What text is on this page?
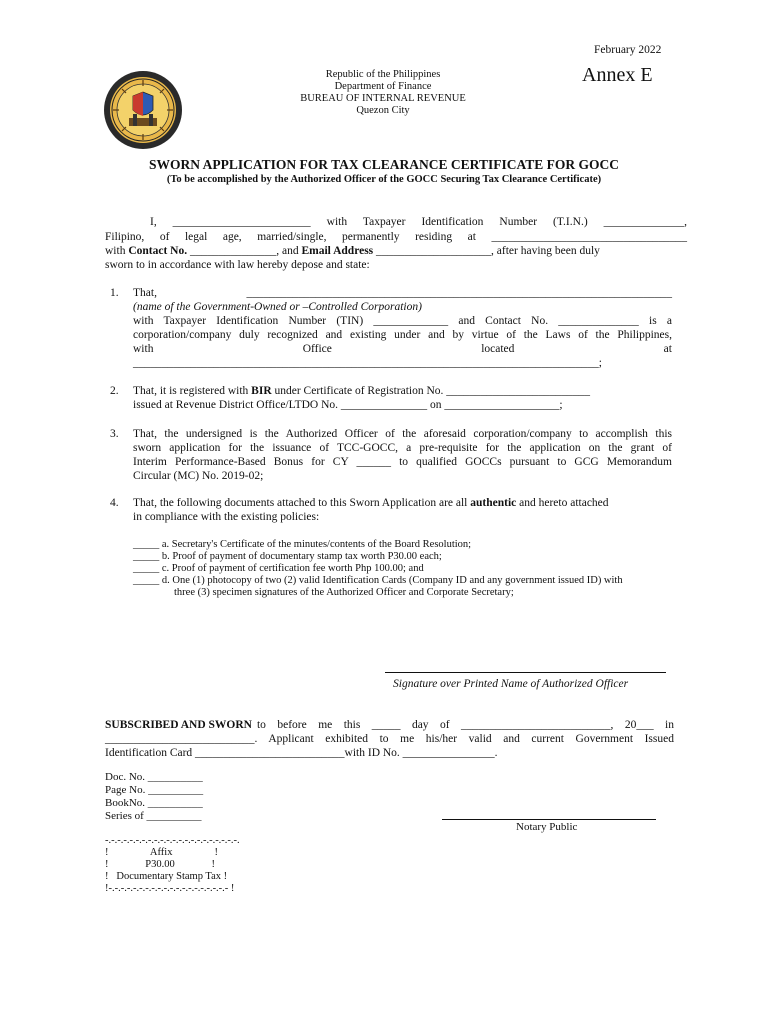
February 2022
Annex E
Republic of the Philippines
Department of Finance
BUREAU OF INTERNAL REVENUE
Quezon City
SWORN APPLICATION FOR TAX CLEARANCE CERTIFICATE FOR GOCC
(To be accomplished by the Authorized Officer of the GOCC Securing Tax Clearance Certificate)
I, ________________________ with Taxpayer Identification Number (T.I.N.) ______________,
Filipino, of legal age, married/single, permanently residing at __________________________________
with Contact No. _______________, and Email Address ____________________, after having been duly
sworn to in accordance with law hereby depose and state:
1. That, __________________________________________________________________________
(name of the Government-Owned or –Controlled Corporation)
with Taxpayer Identification Number (TIN) _____________ and Contact No. ______________ is a
corporation/company duly recognized and existing under and by virtue of the Laws of the Philippines,
with	Office	located	at
_________________________________________________________________________________;
2. That, it is registered with BIR under Certificate of Registration No. _________________________
issued at Revenue District Office/LTDO No. _______________ on ____________________;
3. That, the undersigned is the Authorized Officer of the aforesaid corporation/company to accomplish this
sworn application for the issuance of TCC-GOCC, a pre-requisite for the application on the grant of
Interim Performance-Based Bonus for CY ______ to qualified GOCCs pursuant to GCG Memorandum
Circular (MC) No. 2019-02;
4. That, the following documents attached to this Sworn Application are all authentic and hereto attached
in compliance with the existing policies:
_____ a. Secretary's Certificate of the minutes/contents of the Board Resolution;
_____ b. Proof of payment of documentary stamp tax worth P30.00 each;
_____ c. Proof of payment of certification fee worth Php 100.00; and
_____ d. One (1) photocopy of two (2) valid Identification Cards (Company ID and any government issued ID) with
three (3) specimen signatures of the Authorized Officer and Corporate Secretary;
Signature over Printed Name of Authorized Officer
SUBSCRIBED AND SWORN to before me this _____ day of __________________________, 20___ in
__________________________. Applicant exhibited to me his/her valid and current Government Issued
Identification Card __________________________with ID No. ________________.
Doc. No. __________
Page No. __________
BookNo. __________
Series of __________
Notary Public
-.-.-.-.-.-.-.-.-.-.-.-.-.-.-.-.-.-.-.-.-.-.
!                Affix                !
!              P30.00              !
!   Documentary Stamp Tax !
!-.-.-.-.-.-.-.-.-.-.-.-.-.-.-.-.-.-.-.- !
